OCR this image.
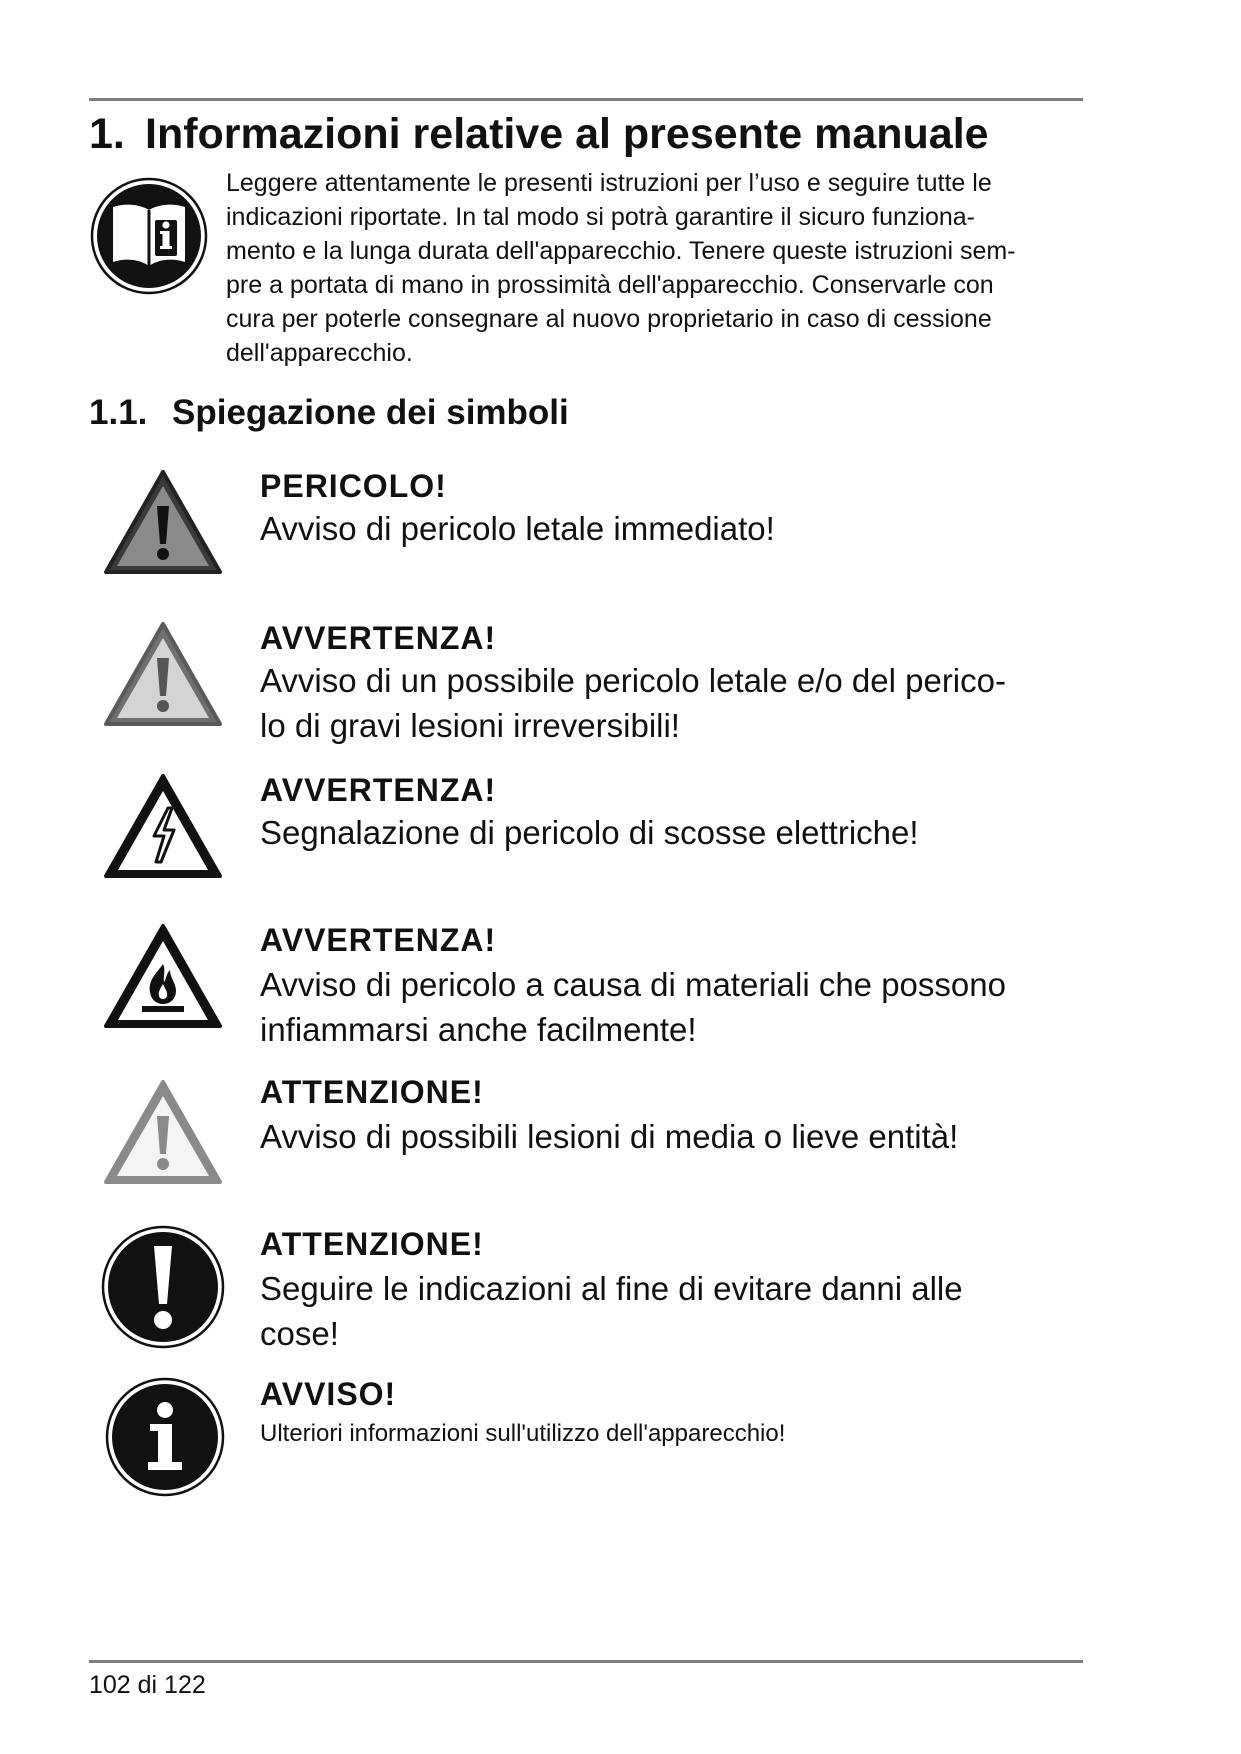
1. Informazioni relative al presente manuale

Leggere attentamente le presenti istruzioni per l’uso e seguire tutte le
indicazioni riportate. In tal modo si potrà garantire il sicuro funziona-
mento e la lunga durata dell'apparecchio. Tenere queste istruzioni sem-
pre a portata di mano in prossimità dell'apparecchio. Conservarle con
cura per poterle consegnare al nuovo proprietario in caso di cessione
dell'apparecchio.

1.1. Spiegazione dei simboli
PERICOLO!

Avviso di pericolo letale immediato!

AVVERTENZA!

Avviso di un possibile pericolo letale e/o del perico-
lo di gravi lesioni irreversibili!

AVVERTENZA!

Segnalazione di pericolo di scosse elettriche!

AVVERTENZA!

Avviso di pericolo a causa di materiali che possono
infiammarsi anche facilmente!

ATTENZIONE!

Avviso di possibili lesioni di media o lieve entità!

ATTENZIONE!

Seguire le indicazioni al fine di evitare danni alle
cose!

AVVISO!

Ulteriori informazioni sull'utilizzo dell'apparecchio!

102 di 122
